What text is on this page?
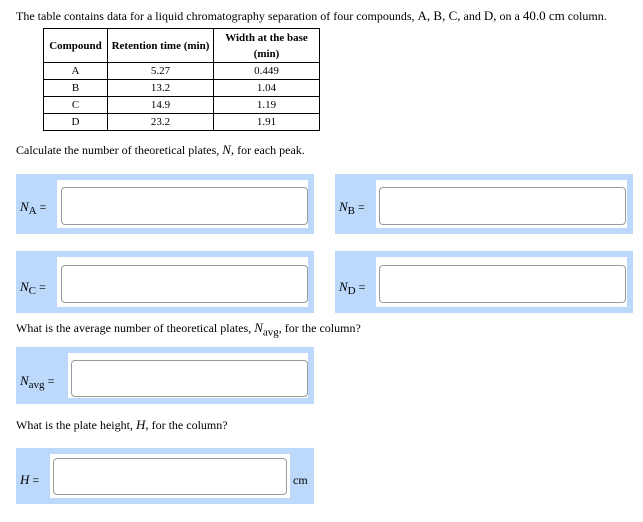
The table contains data for a liquid chromatography separation of four compounds, A, B, C, and D, on a 40.0 cm column.
Compound	Retention time (min)	Width at the base (min)
A	5.27	0.449
B	13.2	1.04
C	14.9	1.19
D	23.2	1.91
Calculate the number of theoretical plates, N, for each peak.
$N_A$ =	$N_B$ =
$N_C$ =	$N_D$ =
What is the average number of theoretical plates, $N_{avg}$, for the column?
$N_{avg}$ =
What is the plate height, H, for the column?
H =	cm
